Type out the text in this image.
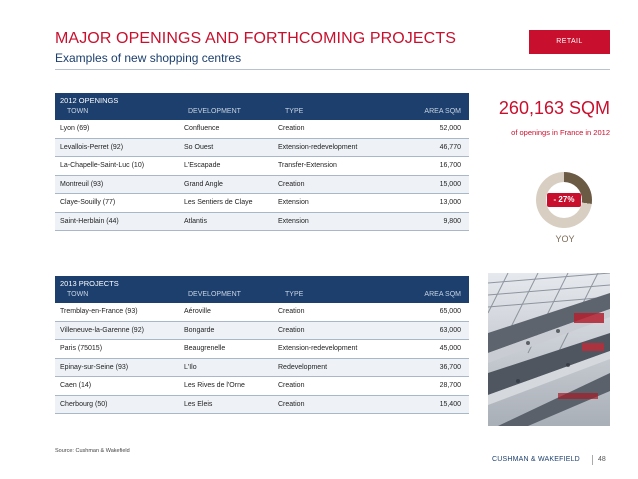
MAJOR OPENINGS AND FORTHCOMING PROJECTS
Examples of new shopping centres
RETAIL
2012 OPENINGS
TOWN	DEVELOPMENT	TYPE	AREA SQM
Lyon (69)	Confluence	Creation	52,000
Levallois-Perret (92)	So Ouest	Extension-redevelopment	46,770
La-Chapelle-Saint-Luc (10)	L'Escapade	Transfer-Extension	16,700
Montreuil (93)	Grand Angle	Creation	15,000
Claye-Souilly (77)	Les Sentiers de Claye	Extension	13,000
Saint-Herblain (44)	Atlantis	Extension	9,800
2013 PROJECTS
TOWN	DEVELOPMENT	TYPE	AREA SQM
Tremblay-en-France (93)	Aéroville	Creation	65,000
Villeneuve-la-Garenne (92)	Bongarde	Creation	63,000
Paris (75015)	Beaugrenelle	Extension-redevelopment	45,000
Epinay-sur-Seine (93)	L'Ilo	Redevelopment	36,700
Caen (14)	Les Rives de l'Orne	Creation	28,700
Cherbourg (50)	Les Eleis	Creation	15,400
260,163 SQM
of openings in France in 2012
- 27%
YOY
Source: Cushman & Wakefield
CUSHMAN & WAKEFIELD	48
